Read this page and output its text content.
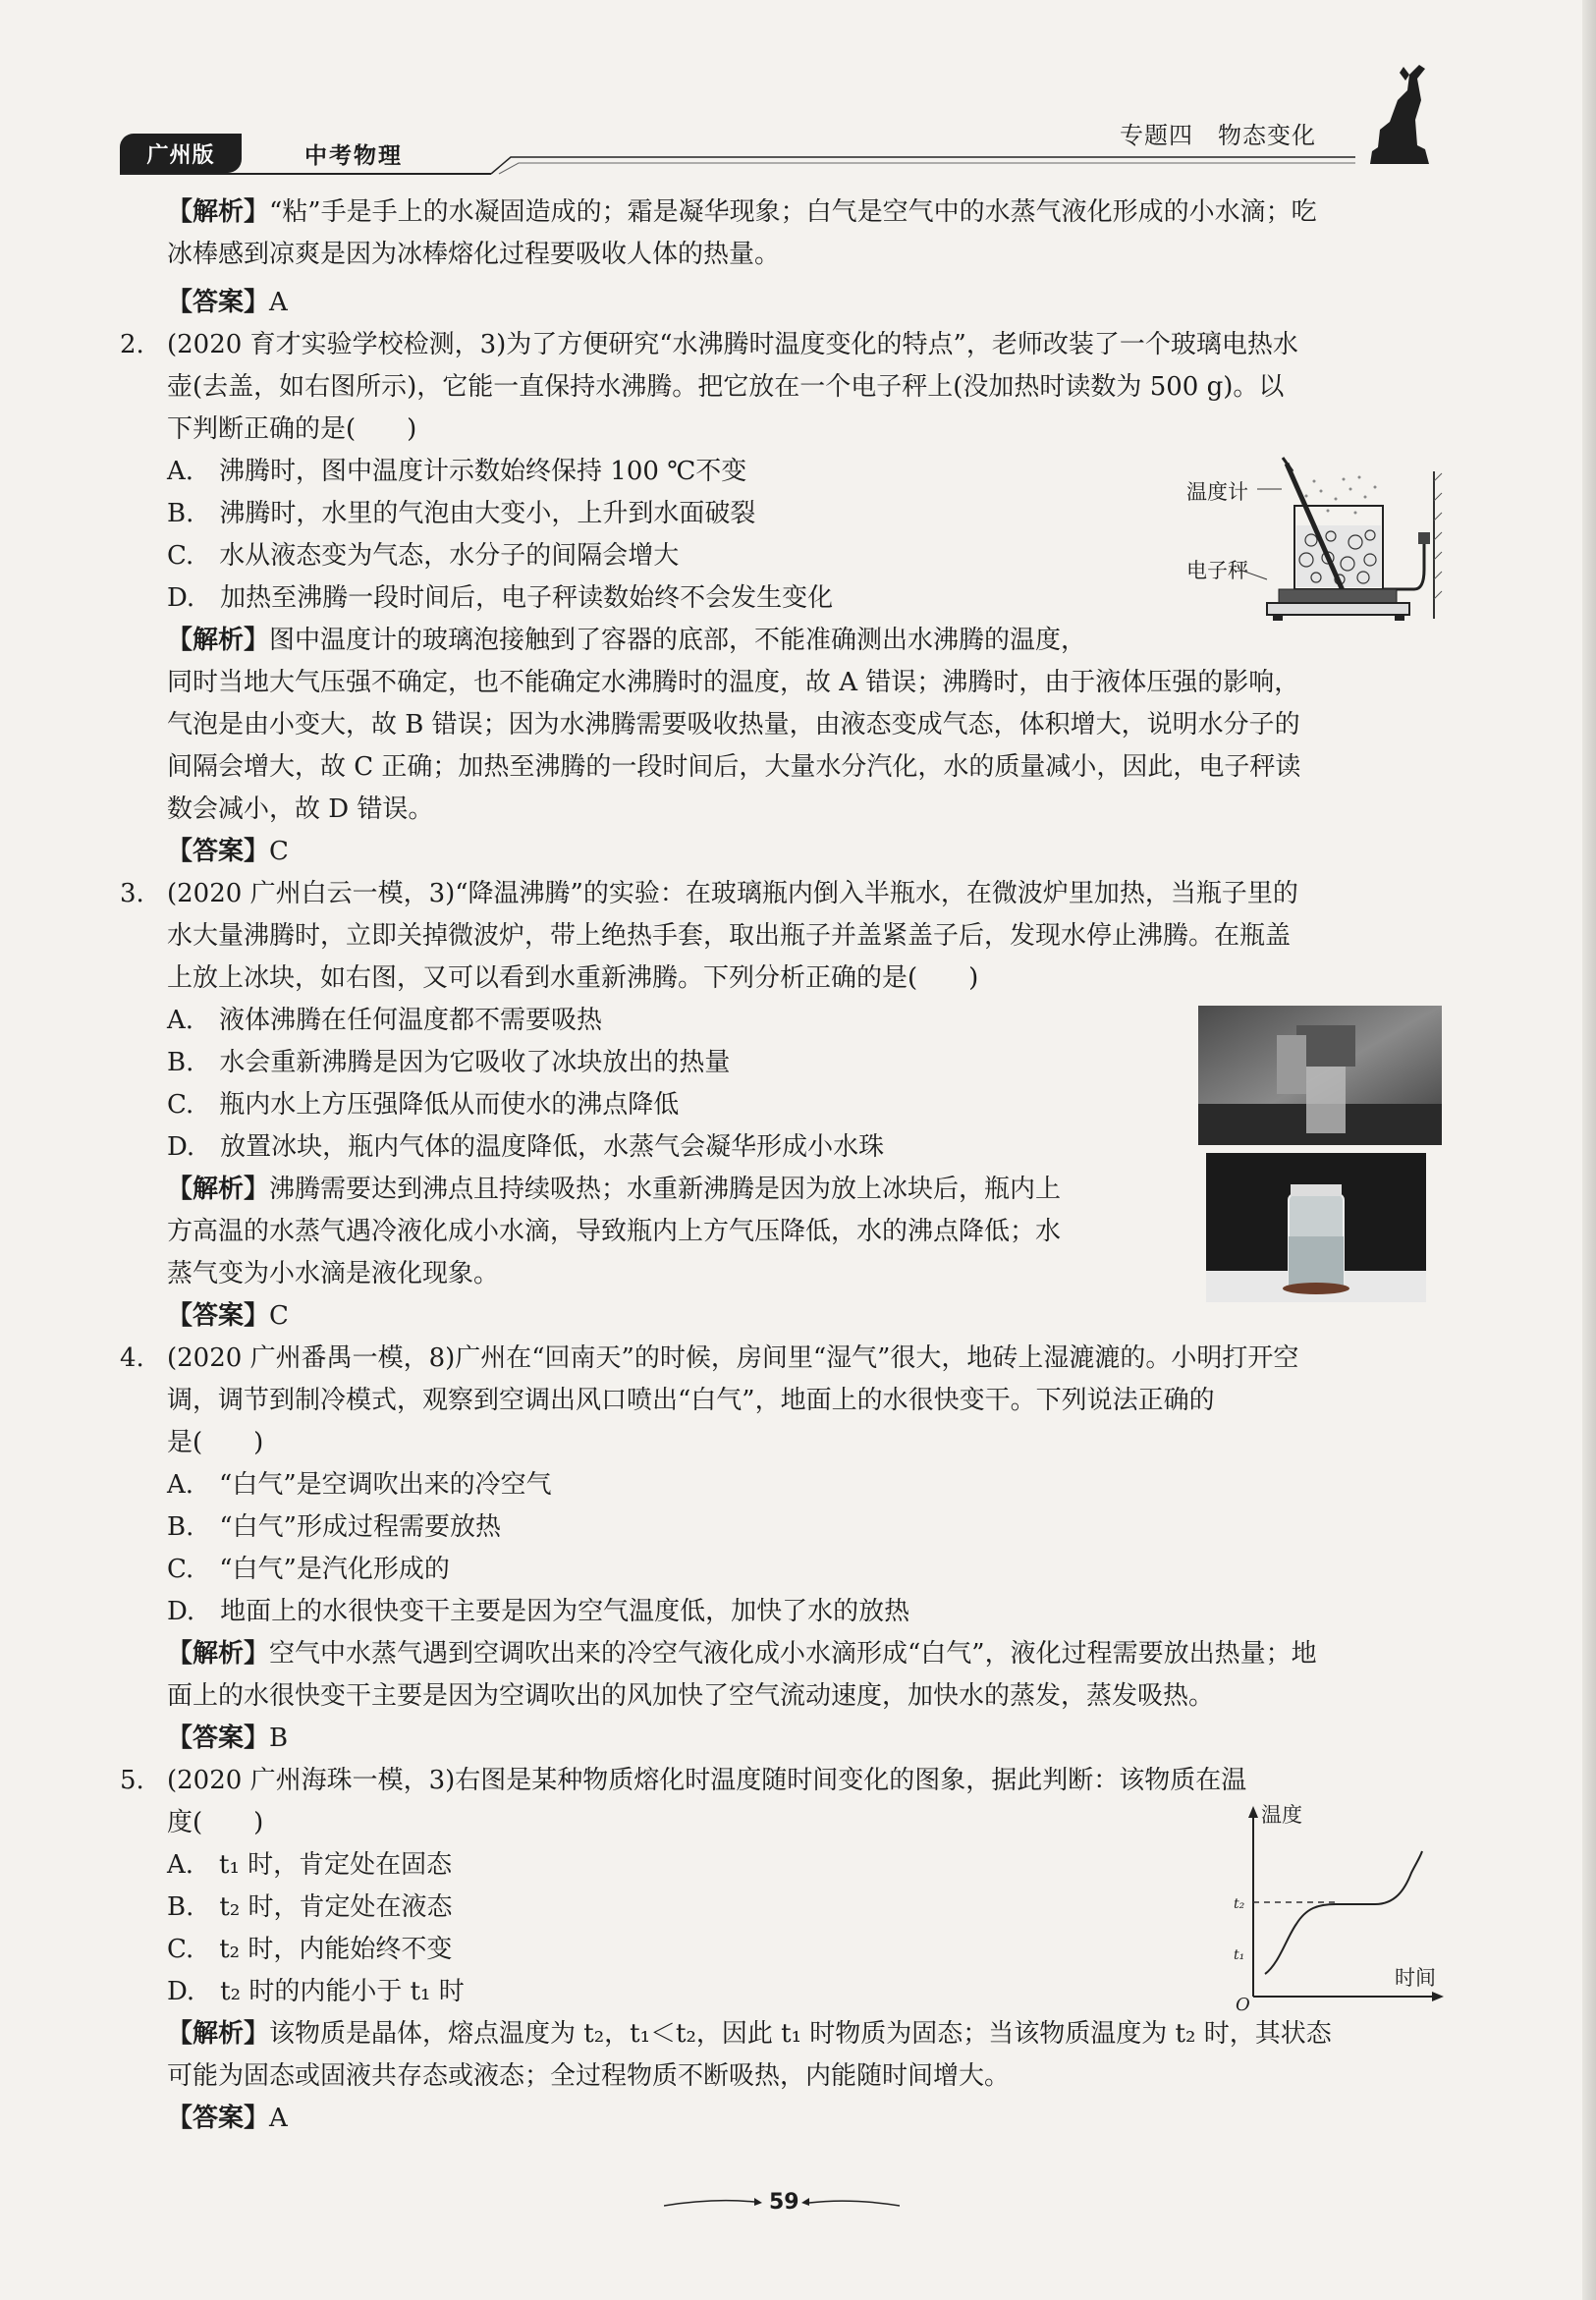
广州版	中考物理
专题四　物态变化
【解析】“粘”手是手上的水凝固造成的；霜是凝华现象；白气是空气中的水蒸气液化形成的小水滴；吃
冰棒感到凉爽是因为冰棒熔化过程要吸收人体的热量。
【答案】A
2. (2020 育才实验学校检测，3)为了方便研究“水沸腾时温度变化的特点”，老师改装了一个玻璃电热水
壶(去盖，如右图所示)，它能一直保持水沸腾。把它放在一个电子秤上(没加热时读数为 500 g)。以
下判断正确的是(　　)
A.　沸腾时，图中温度计示数始终保持 100 ℃不变
B.　沸腾时，水里的气泡由大变小，上升到水面破裂
C.　水从液态变为气态，水分子的间隔会增大
D.　加热至沸腾一段时间后，电子秤读数始终不会发生变化
温度计
电子秤
【解析】图中温度计的玻璃泡接触到了容器的底部，不能准确测出水沸腾的温度，
同时当地大气压强不确定，也不能确定水沸腾时的温度，故 A 错误；沸腾时，由于液体压强的影响，
气泡是由小变大，故 B 错误；因为水沸腾需要吸收热量，由液态变成气态，体积增大，说明水分子的
间隔会增大，故 C 正确；加热至沸腾的一段时间后，大量水分汽化，水的质量减小，因此，电子秤读
数会减小，故 D 错误。
【答案】C
3. (2020 广州白云一模，3)“降温沸腾”的实验：在玻璃瓶内倒入半瓶水，在微波炉里加热，当瓶子里的
水大量沸腾时，立即关掉微波炉，带上绝热手套，取出瓶子并盖紧盖子后，发现水停止沸腾。在瓶盖
上放上冰块，如右图，又可以看到水重新沸腾。下列分析正确的是(　　)
A.　液体沸腾在任何温度都不需要吸热
B.　水会重新沸腾是因为它吸收了冰块放出的热量
C.　瓶内水上方压强降低从而使水的沸点降低
D.　放置冰块，瓶内气体的温度降低，水蒸气会凝华形成小水珠
【解析】沸腾需要达到沸点且持续吸热；水重新沸腾是因为放上冰块后，瓶内上
方高温的水蒸气遇冷液化成小水滴，导致瓶内上方气压降低，水的沸点降低；水
蒸气变为小水滴是液化现象。
【答案】C
4. (2020 广州番禺一模，8)广州在“回南天”的时候，房间里“湿气”很大，地砖上湿漉漉的。小明打开空
调，调节到制冷模式，观察到空调出风口喷出“白气”，地面上的水很快变干。下列说法正确的
是(　　)
A.　“白气”是空调吹出来的冷空气
B.　“白气”形成过程需要放热
C.　“白气”是汽化形成的
D.　地面上的水很快变干主要是因为空气温度低，加快了水的放热
【解析】空气中水蒸气遇到空调吹出来的冷空气液化成小水滴形成“白气”，液化过程需要放出热量；地
面上的水很快变干主要是因为空调吹出的风加快了空气流动速度，加快水的蒸发，蒸发吸热。
【答案】B
5. (2020 广州海珠一模，3)右图是某种物质熔化时温度随时间变化的图象，据此判断：该物质在温
度(　　)
A.　t₁ 时，肯定处在固态
B.　t₂ 时，肯定处在液态
C.　t₂ 时，内能始终不变
D.　t₂ 时的内能小于 t₁ 时
温度
时间
O
t₂
t₁
【解析】该物质是晶体，熔点温度为 t₂，t₁＜t₂，因此 t₁ 时物质为固态；当该物质温度为 t₂ 时，其状态
可能为固态或固液共存态或液态；全过程物质不断吸热，内能随时间增大。
【答案】A
59
